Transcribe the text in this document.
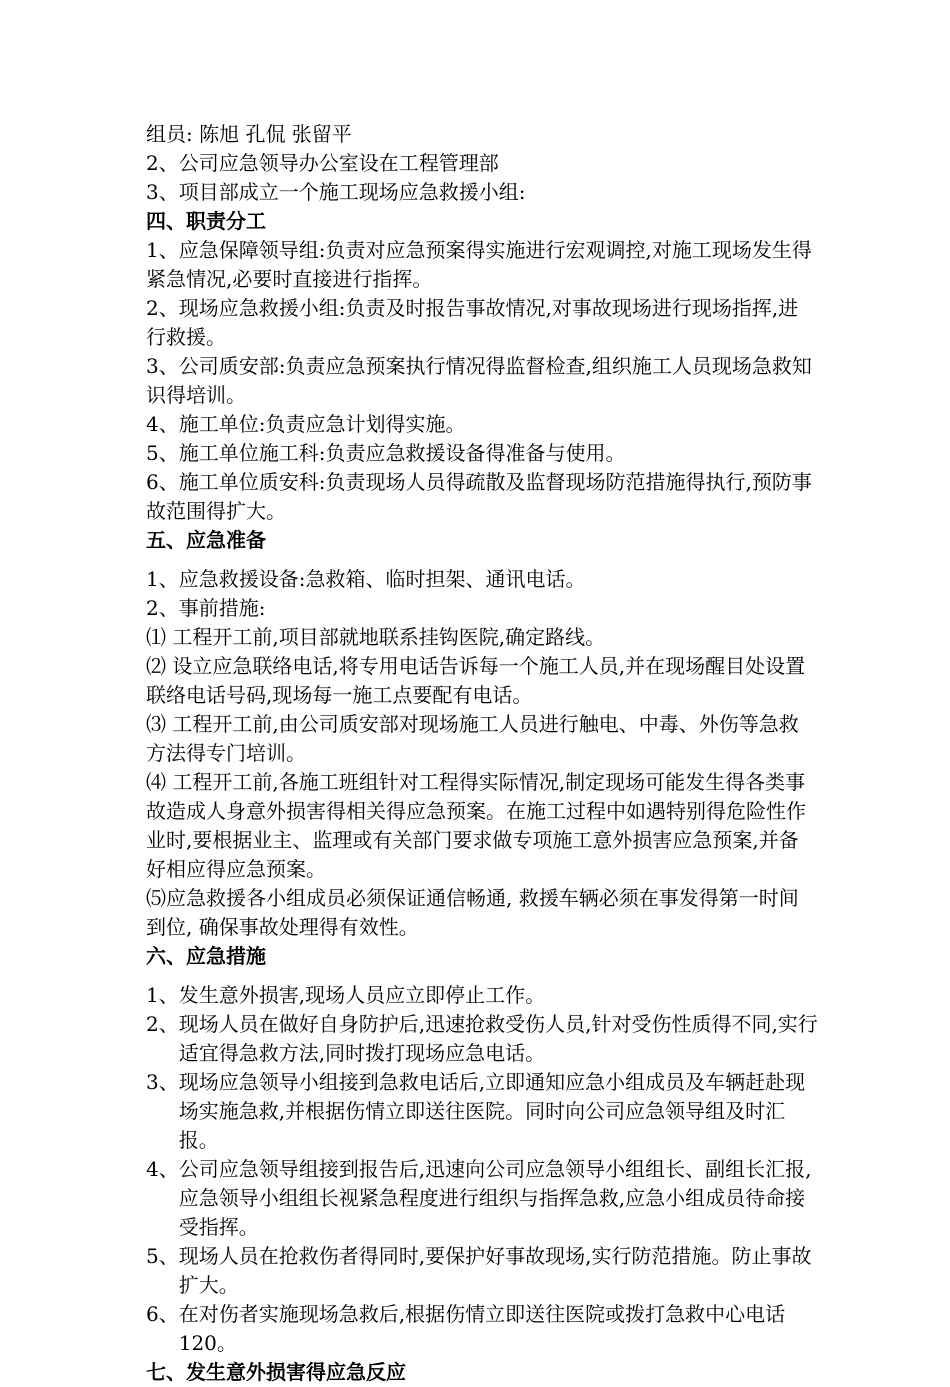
组员: 陈旭 孔侃 张留平

2、公司应急领导办公室设在工程管理部

3、项目部成立一个施工现场应急救援小组:

四、职责分工

1、应急保障领导组:负责对应急预案得实施进行宏观调控,对施工现场发生得紧急情况,必要时直接进行指挥。

2、现场应急救援小组:负责及时报告事故情况,对事故现场进行现场指挥,进行救援。

3、公司质安部:负责应急预案执行情况得监督检查,组织施工人员现场急救知识得培训。

4、施工单位:负责应急计划得实施。

5、施工单位施工科:负责应急救援设备得准备与使用。

6、施工单位质安科:负责现场人员得疏散及监督现场防范措施得执行,预防事故范围得扩大。

五、应急准备

1、应急救援设备:急救箱、临时担架、通讯电话。

2、事前措施:

⑴ 工程开工前,项目部就地联系挂钩医院,确定路线。

⑵ 设立应急联络电话,将专用电话告诉每一个施工人员,并在现场醒目处设置联络电话号码,现场每一施工点要配有电话。

⑶ 工程开工前,由公司质安部对现场施工人员进行触电、中毒、外伤等急救方法得专门培训。

⑷ 工程开工前,各施工班组针对工程得实际情况,制定现场可能发生得各类事故造成人身意外损害得相关得应急预案。在施工过程中如遇特别得危险性作业时,要根据业主、监理或有关部门要求做专项施工意外损害应急预案,并备好相应得应急预案。

⑸应急救援各小组成员必须保证通信畅通, 救援车辆必须在事发得第一时间到位, 确保事故处理得有效性。

六、应急措施

1、 发生意外损害,现场人员应立即停止工作。
2、 现场人员在做好自身防护后,迅速抢救受伤人员,针对受伤性质得不同,实行适宜得急救方法,同时拨打现场应急电话。
3、 现场应急领导小组接到急救电话后,立即通知应急小组成员及车辆赶赴现场实施急救,并根据伤情立即送往医院。同时向公司应急领导组及时汇报。
4、 公司应急领导组接到报告后,迅速向公司应急领导小组组长、副组长汇报,应急领导小组组长视紧急程度进行组织与指挥急救,应急小组成员待命接受指挥。
5、 现场人员在抢救伤者得同时,要保护好事故现场,实行防范措施。防止事故扩大。
6、 在对伤者实施现场急救后,根据伤情立即送往医院或拨打急救中心电话 120。

七、发生意外损害得应急反应
